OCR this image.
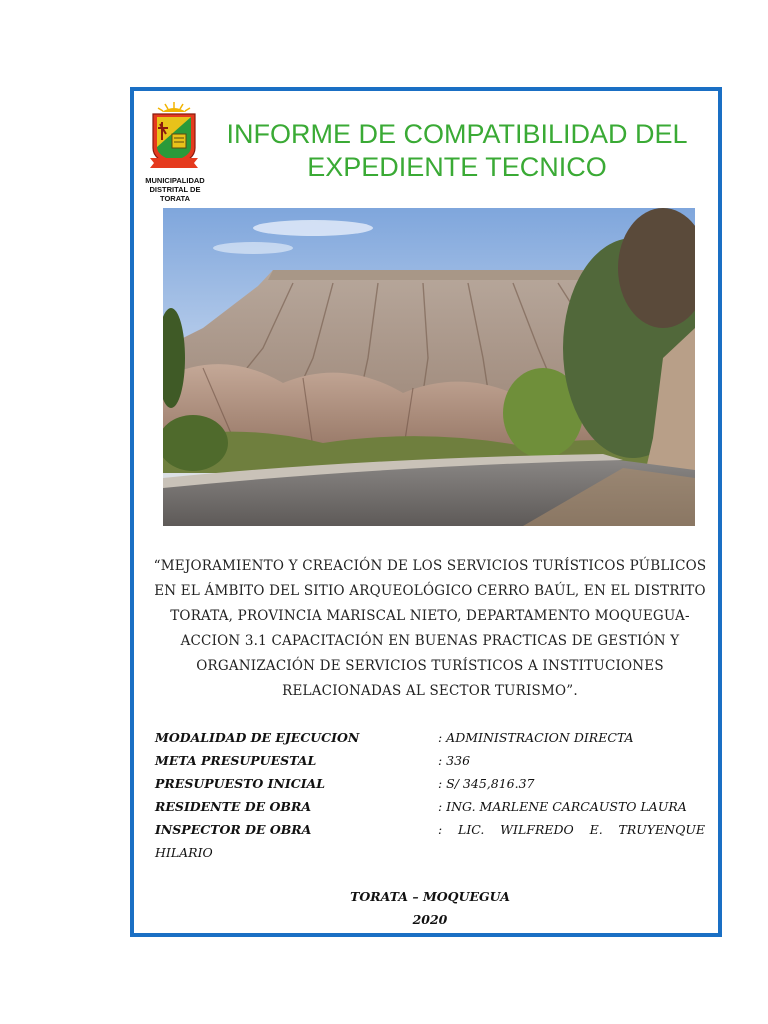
MUNICIPALIDAD
DISTRITAL DE
TORATA
INFORME DE COMPATIBILIDAD DEL
EXPEDIENTE TECNICO
“MEJORAMIENTO Y CREACIÓN DE LOS SERVICIOS TURÍSTICOS PÚBLICOS
EN EL ÁMBITO DEL SITIO ARQUEOLÓGICO CERRO BAÚL, EN EL DISTRITO
TORATA, PROVINCIA MARISCAL NIETO, DEPARTAMENTO MOQUEGUA-
ACCION 3.1 CAPACITACIÓN EN BUENAS PRACTICAS DE GESTIÓN Y
ORGANIZACIÓN DE SERVICIOS TURÍSTICOS A INSTITUCIONES
RELACIONADAS AL SECTOR TURISMO”.
MODALIDAD DE EJECUCION	: ADMINISTRACION DIRECTA
META PRESUPUESTAL	: 336
PRESUPUESTO INICIAL	: S/ 345,816.37
RESIDENTE DE OBRA	: ING. MARLENE CARCAUSTO LAURA
INSPECTOR DE OBRA	: LIC. WILFREDO E. TRUYENQUE
HILARIO
TORATA – MOQUEGUA
2020
